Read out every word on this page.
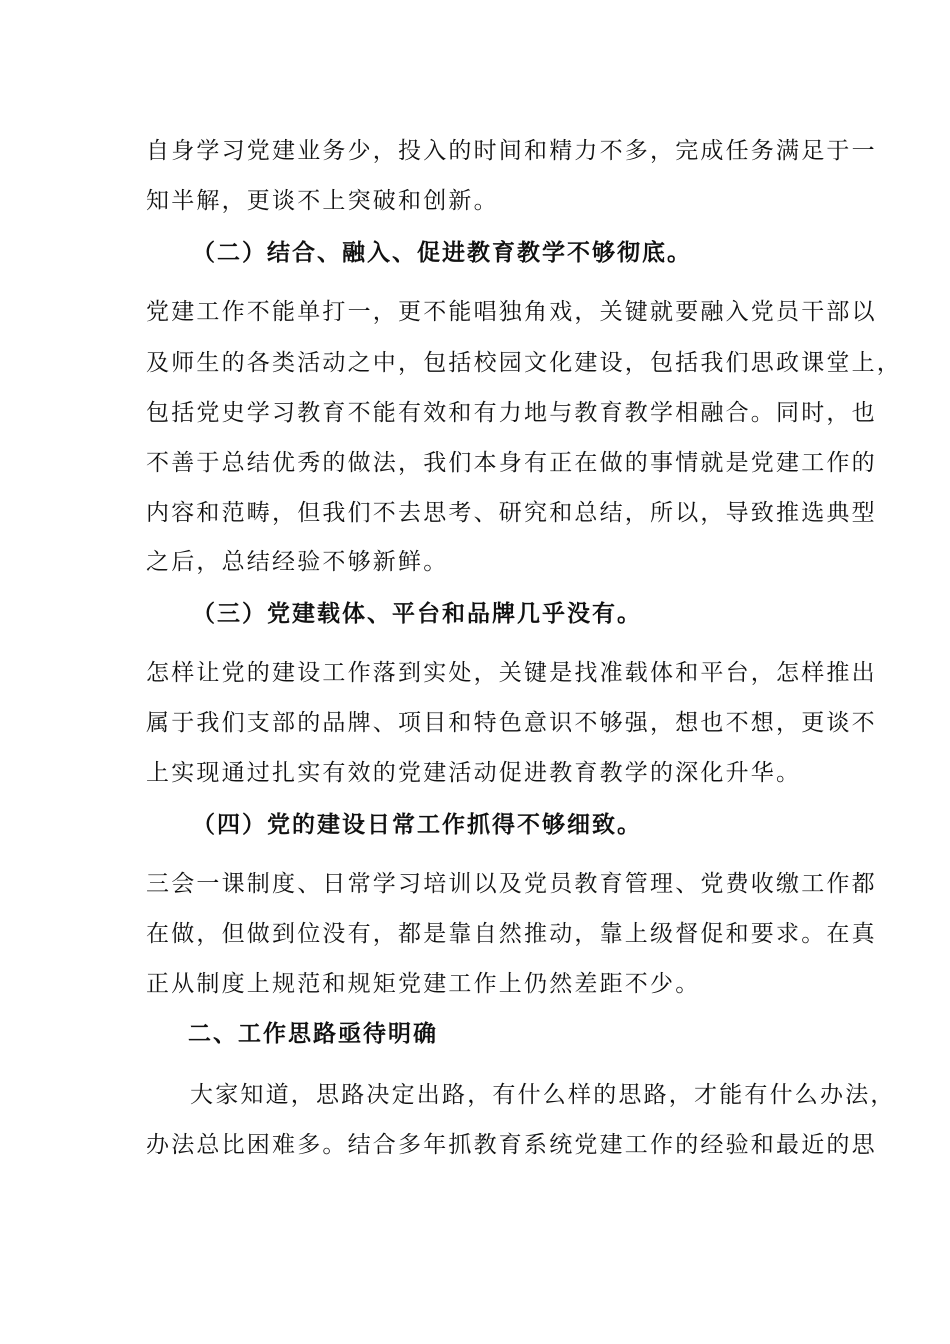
自身学习党建业务少，投入的时间和精力不多，完成任务满足于一
知半解，更谈不上突破和创新。
（二）结合、融入、促进教育教学不够彻底。
党建工作不能单打一，更不能唱独角戏，关键就要融入党员干部以
及师生的各类活动之中，包括校园文化建设，包括我们思政课堂上，
包括党史学习教育不能有效和有力地与教育教学相融合。同时，也
不善于总结优秀的做法，我们本身有正在做的事情就是党建工作的
内容和范畴，但我们不去思考、研究和总结，所以，导致推选典型
之后，总结经验不够新鲜。
（三）党建载体、平台和品牌几乎没有。
怎样让党的建设工作落到实处，关键是找准载体和平台，怎样推出
属于我们支部的品牌、项目和特色意识不够强，想也不想，更谈不
上实现通过扎实有效的党建活动促进教育教学的深化升华。
（四）党的建设日常工作抓得不够细致。
三会一课制度、日常学习培训以及党员教育管理、党费收缴工作都
在做，但做到位没有，都是靠自然推动，靠上级督促和要求。在真
正从制度上规范和规矩党建工作上仍然差距不少。
二、工作思路亟待明确
大家知道，思路决定出路，有什么样的思路，才能有什么办法，
办法总比困难多。结合多年抓教育系统党建工作的经验和最近的思
